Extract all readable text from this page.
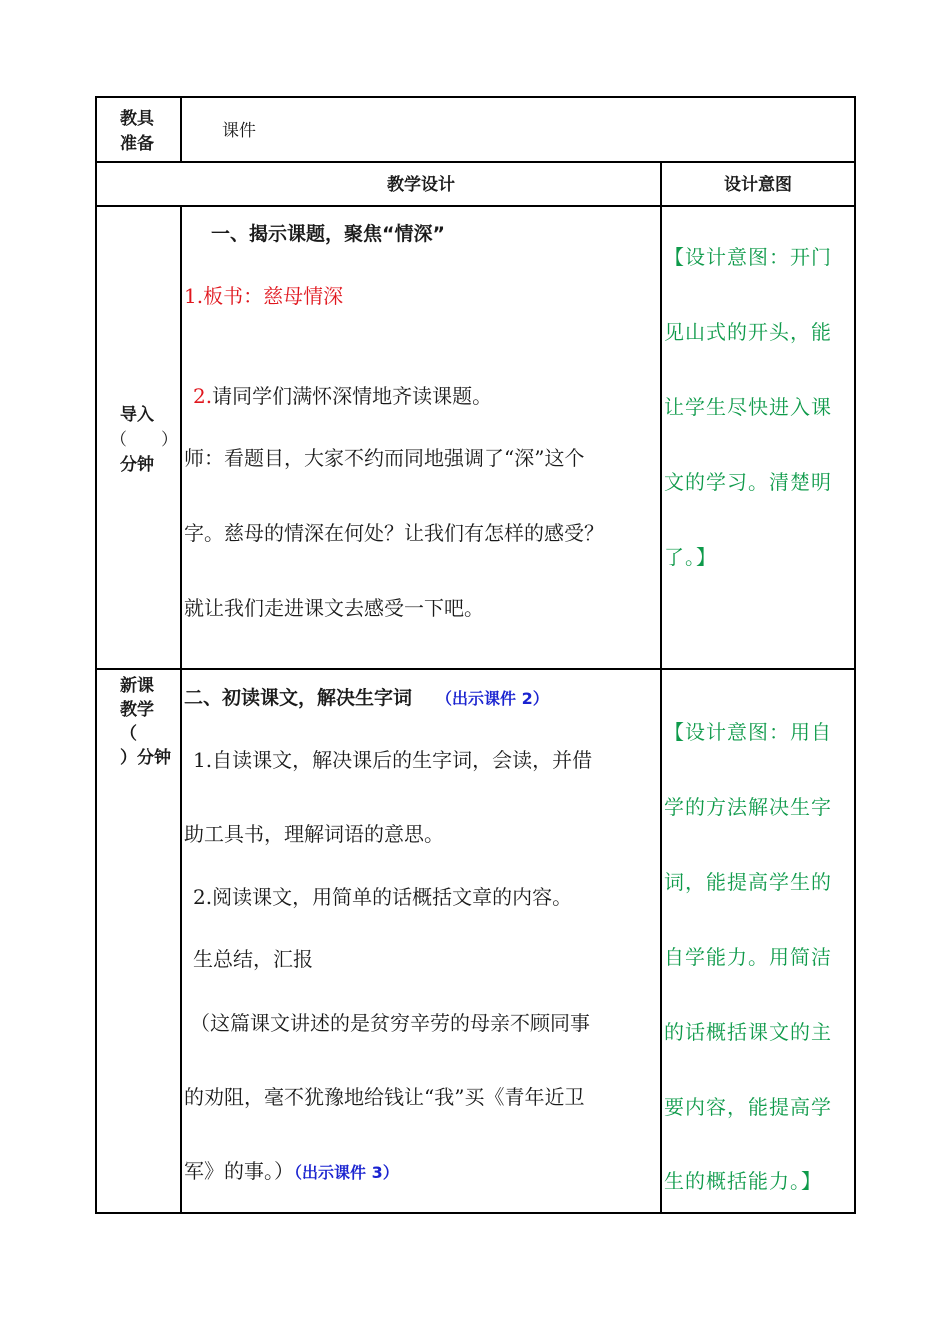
教具
准备
课件
教学设计	设计意图
导入
（　　）
分钟
一、揭示课题，聚焦“情深”
1.板书：慈母情深
2.请同学们满怀深情地齐读课题。
师：看题目，大家不约而同地强调了“深”这个
字。慈母的情深在何处？让我们有怎样的感受？
就让我们走进课文去感受一下吧。
【设计意图：开门
见山式的开头，能
让学生尽快进入课
文的学习。清楚明
了。】
新课
教学
（
）分钟
二、初读课文，解决生字词 （出示课件 2）
1.自读课文，解决课后的生字词，会读，并借
助工具书，理解词语的意思。
2.阅读课文，用简单的话概括文章的内容。
生总结，汇报
（这篇课文讲述的是贫穷辛劳的母亲不顾同事
的劝阻，毫不犹豫地给钱让“我”买《青年近卫
军》的事。）（出示课件 3）
【设计意图：用自
学的方法解决生字
词，能提高学生的
自学能力。用简洁
的话概括课文的主
要内容，能提高学
生的概括能力。】
